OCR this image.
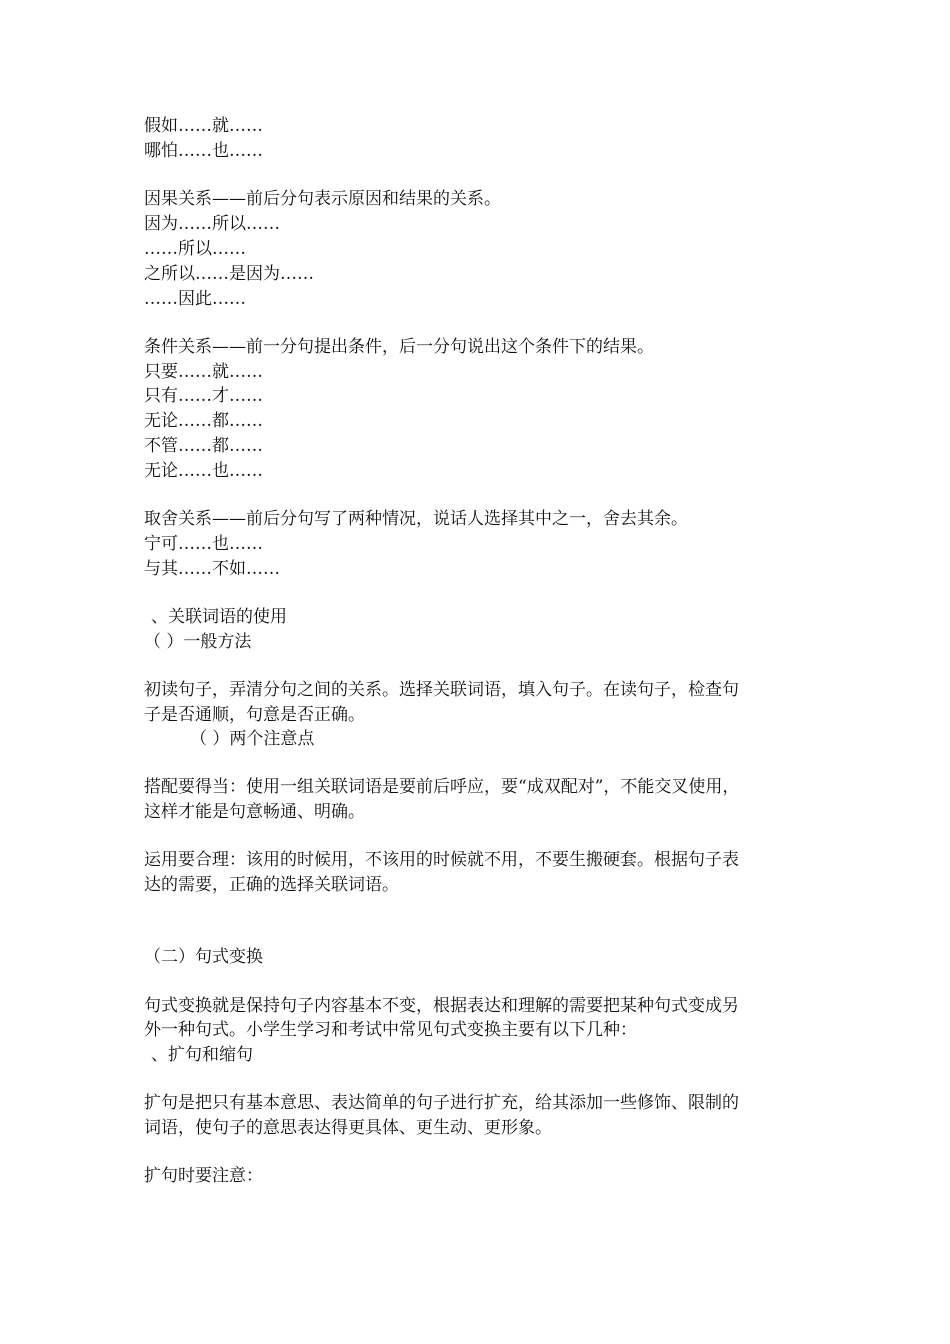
假如……就……
哪怕……也……
因果关系——前后分句表示原因和结果的关系。
因为……所以……
……所以……
之所以……是因为……
……因此……
条件关系——前一分句提出条件，后一分句说出这个条件下的结果。
只要……就……
只有……才……
无论……都……
不管……都……
无论……也……
取舍关系——前后分句写了两种情况，说话人选择其中之一，舍去其余。
宁可……也……
与其……不如……
、关联词语的使用
（ ）一般方法
初读句子，弄清分句之间的关系。选择关联词语，填入句子。在读句子，检查句
子是否通顺，句意是否正确。
（ ）两个注意点
搭配要得当：使用一组关联词语是要前后呼应，要“成双配对”，不能交叉使用，
这样才能是句意畅通、明确。
运用要合理：该用的时候用，不该用的时候就不用，不要生搬硬套。根据句子表
达的需要，正确的选择关联词语。
（二）句式变换
句式变换就是保持句子内容基本不变，根据表达和理解的需要把某种句式变成另
外一种句式。小学生学习和考试中常见句式变换主要有以下几种：
、扩句和缩句
扩句是把只有基本意思、表达简单的句子进行扩充，给其添加一些修饰、限制的
词语，使句子的意思表达得更具体、更生动、更形象。
扩句时要注意：
